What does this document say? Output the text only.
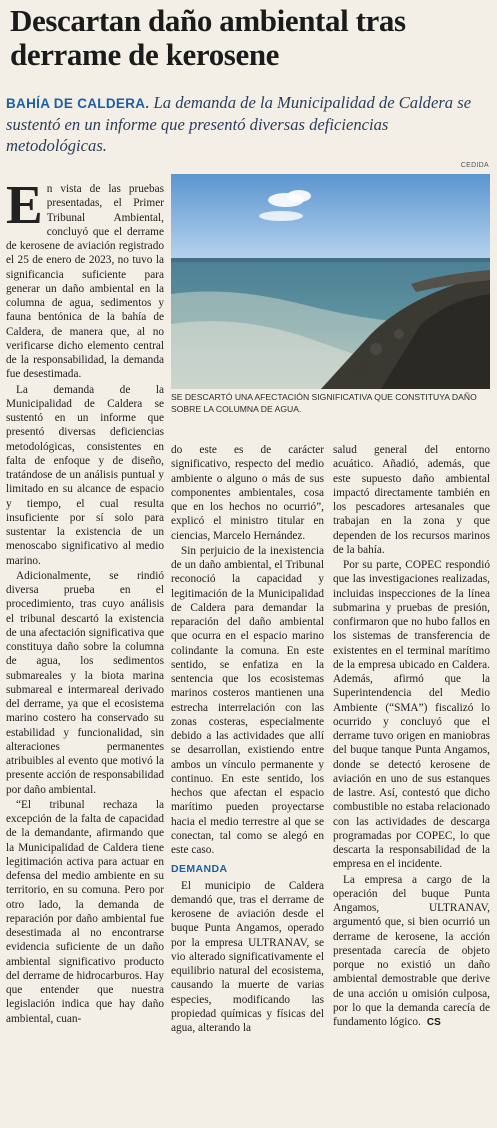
Descartan daño ambiental tras derrame de kerosene
BAHÍA DE CALDERA. La demanda de la Municipalidad de Caldera se sustentó en un informe que presentó diversas deficiencias metodológicas.
CEDIDA
SE DESCARTÓ UNA AFECTACIÓN SIGNIFICATIVA QUE CONSTITUYA DAÑO SOBRE LA COLUMNA DE AGUA.

En vista de las pruebas presentadas, el Primer Tribunal Ambiental, concluyó que el derrame de kerosene de aviación registrado el 25 de enero de 2023, no tuvo la significancia suficiente para generar un daño ambiental en la columna de agua, sedimentos y fauna bentónica de la bahía de Caldera, de manera que, al no verificarse dicho elemento central de la responsabilidad, la demanda fue desestimada.

La demanda de la Municipalidad de Caldera se sustentó en un informe que presentó diversas deficiencias metodológicas, consistentes en falta de enfoque y de diseño, tratándose de un análisis puntual y limitado en su alcance de espacio y tiempo, el cual resulta insuficiente por sí solo para sustentar la existencia de un menoscabo significativo al medio marino.

Adicionalmente, se rindió diversa prueba en el procedimiento, tras cuyo análisis el tribunal descartó la existencia de una afectación significativa que constituya daño sobre la columna de agua, los sedimentos submareales y la biota marina submareal e intermareal derivado del derrame, ya que el ecosistema marino costero ha conservado su estabilidad y funcionalidad, sin alteraciones permanentes atribuibles al evento que motivó la presente acción de responsabilidad por daño ambiental.

“El tribunal rechaza la excepción de la falta de capacidad de la demandante, afirmando que la Municipalidad de Caldera tiene legitimación activa para actuar en defensa del medio ambiente en su territorio, en su comuna. Pero por otro lado, la demanda de reparación por daño ambiental fue desestimada al no encontrarse evidencia suficiente de un daño ambiental significativo producto del derrame de hidrocarburos. Hay que entender que nuestra legislación indica que hay daño ambiental, cuan-

do este es de carácter significativo, respecto del medio ambiente o alguno o más de sus componentes ambientales, cosa que en los hechos no ocurrió”, explicó el ministro titular en ciencias, Marcelo Hernández.

Sin perjuicio de la inexistencia de un daño ambiental, el Tribunal reconoció la capacidad y legitimación de la Municipalidad de Caldera para demandar la reparación del daño ambiental que ocurra en el espacio marino colindante la comuna. En este sentido, se enfatiza en la sentencia que los ecosistemas marinos costeros mantienen una estrecha interrelación con las zonas costeras, especialmente debido a las actividades que allí se desarrollan, existiendo entre ambos un vínculo permanente y continuo. En este sentido, los hechos que afectan el espacio marítimo pueden proyectarse hacia el medio terrestre al que se conectan, tal como se alegó en este caso.

DEMANDA

El municipio de Caldera demandó que, tras el derrame de kerosene de aviación desde el buque Punta Angamos, operado por la empresa ULTRANAV, se vio alterado significativamente el equilibrio natural del ecosistema, causando la muerte de varias especies, modificando las propiedad químicas y físicas del agua, alterando la

salud general del entorno acuático. Añadió, además, que este supuesto daño ambiental impactó directamente también en los pescadores artesanales que trabajan en la zona y que dependen de los recursos marinos de la bahía.

Por su parte, COPEC respondió que las investigaciones realizadas, incluidas inspecciones de la línea submarina y pruebas de presión, confirmaron que no hubo fallos en los sistemas de transferencia de existentes en el terminal marítimo de la empresa ubicado en Caldera. Además, afirmó que la Superintendencia del Medio Ambiente (“SMA”) fiscalizó lo ocurrido y concluyó que el derrame tuvo origen en maniobras del buque tanque Punta Angamos, donde se detectó kerosene de aviación en uno de sus estanques de lastre. Así, contestó que dicho combustible no estaba relacionado con las actividades de descarga programadas por COPEC, lo que descarta la responsabilidad de la empresa en el incidente.

La empresa a cargo de la operación del buque Punta Angamos, ULTRANAV, argumentó que, si bien ocurrió un derrame de kerosene, la acción presentada carecía de objeto porque no existió un daño ambiental demostrable que derive de una acción u omisión culposa, por lo que la demanda carecía de fundamento lógico. CS
